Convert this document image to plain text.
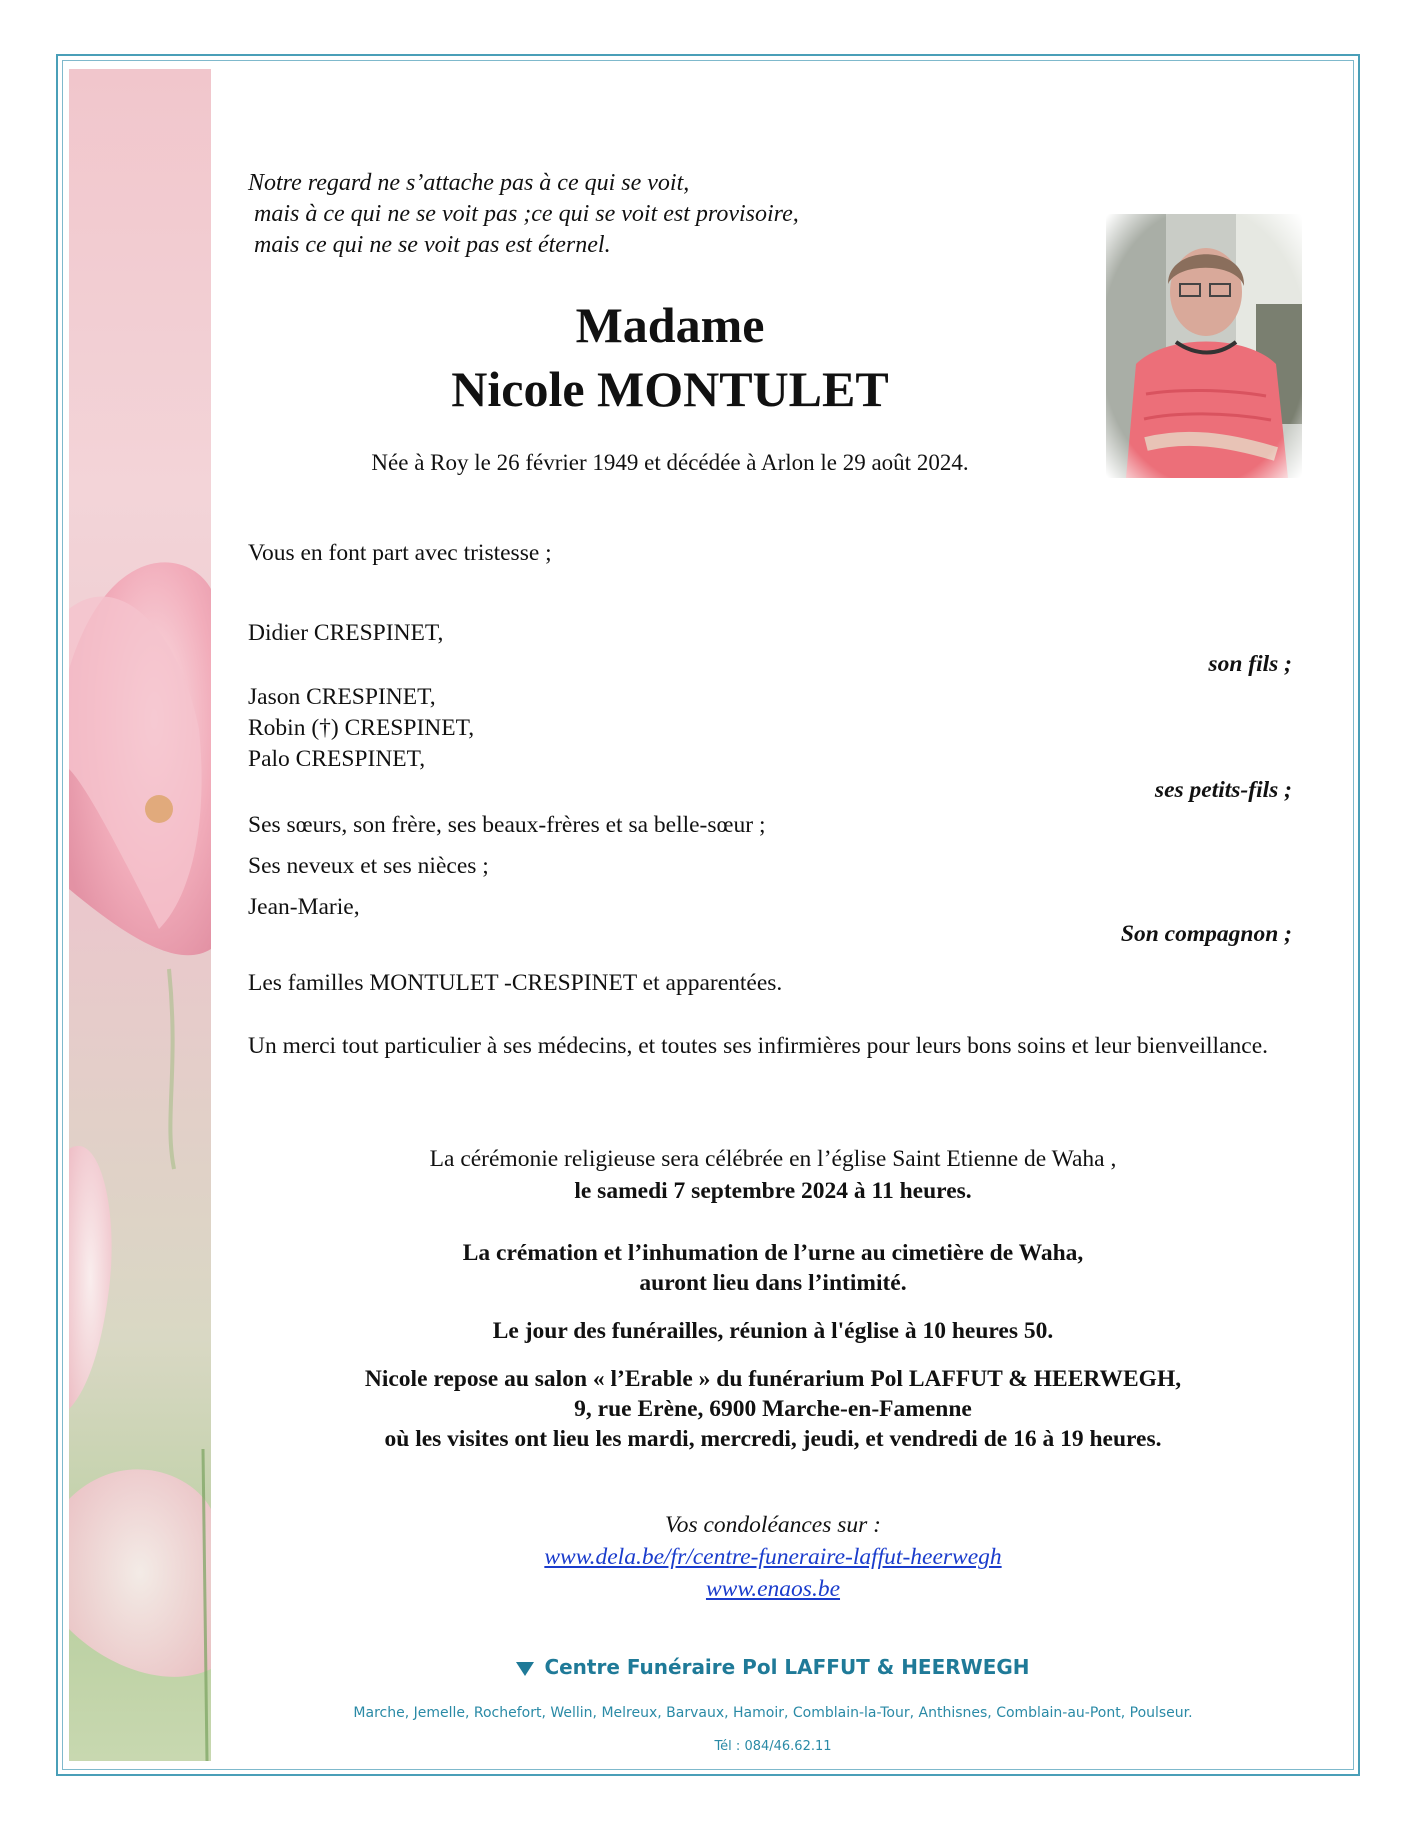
Notre regard ne s’attache pas à ce qui se voit,
mais à ce qui ne se voit pas ;ce qui se voit est provisoire,
mais ce qui ne se voit pas est éternel.
Madame
Nicole MONTULET
Née à Roy le 26 février 1949 et décédée à Arlon le 29 août 2024.
Vous en font part avec tristesse ;
Didier CRESPINET,
son fils ;
Jason CRESPINET,
Robin (†) CRESPINET,
Palo CRESPINET,
ses petits-fils ;
Ses sœurs, son frère, ses beaux-frères et sa belle-sœur ;
Ses neveux et ses nièces ;
Jean-Marie,
Son compagnon ;
Les familles MONTULET -CRESPINET et apparentées.
Un merci tout particulier à ses médecins, et toutes ses infirmières pour leurs bons soins et leur bienveillance.
La cérémonie religieuse sera célébrée en l’église Saint Etienne de Waha ,
le samedi 7 septembre 2024 à 11 heures.
La crémation et l’inhumation de l’urne au cimetière de Waha,
auront lieu dans l’intimité.
Le jour des funérailles, réunion à l'église à 10 heures 50.
Nicole repose au salon « l’Erable » du funérarium Pol LAFFUT & HEERWEGH,
9, rue Erène, 6900 Marche-en-Famenne
où les visites ont lieu les mardi, mercredi, jeudi, et vendredi de 16 à 19 heures.
Vos condoléances sur :
www.dela.be/fr/centre-funeraire-laffut-heerwegh
www.enaos.be
Centre Funéraire Pol LAFFUT & HEERWEGH
Marche, Jemelle, Rochefort, Wellin, Melreux, Barvaux, Hamoir, Comblain-la-Tour, Anthisnes, Comblain-au-Pont, Poulseur.
Tél : 084/46.62.11
